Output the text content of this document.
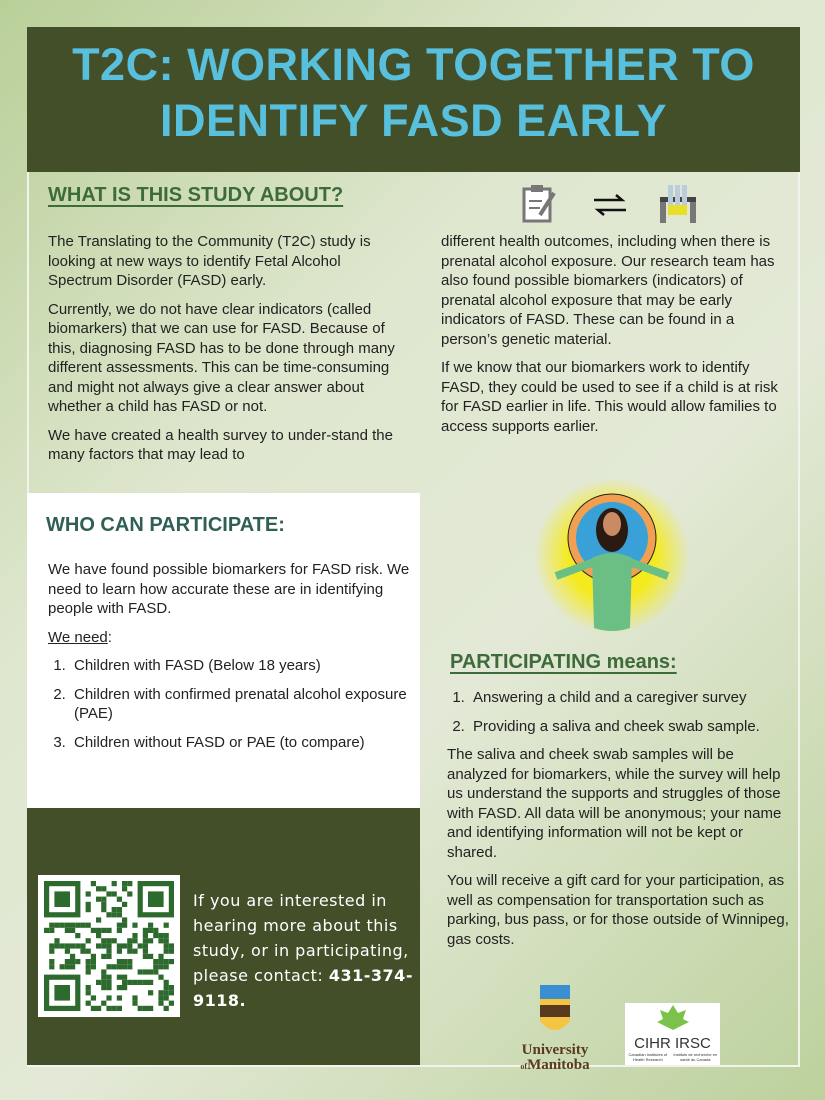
T2C: WORKING TOGETHER TO
IDENTIFY FASD EARLY
WHAT IS THIS STUDY ABOUT?

The Translating to the Community (T2C) study is looking at new ways to identify Fetal Alcohol Spectrum Disorder (FASD) early.

Currently, we do not have clear indicators (called biomarkers) that we can use for FASD. Because of this, diagnosing FASD has to be done through many different assessments. This can be time-consuming and might not always give a clear answer about whether a child has FASD or not.

We have created a health survey to under-stand the many factors that may lead to

different health outcomes, including when there is prenatal alcohol exposure. Our research team has also found possible biomarkers (indicators) of prenatal alcohol exposure that may be early indicators of FASD. These can be found in a person’s genetic material.

If we know that our biomarkers work to identify FASD, they could be used to see if a child is at risk for FASD earlier in life. This would allow families to access supports earlier.

WHO CAN PARTICIPATE:

We have found possible biomarkers for FASD risk. We need to learn how accurate these are in identifying people with FASD.

We need:

1. Children with FASD (Below 18 years)
2. Children with confirmed prenatal alcohol exposure (PAE)
3. Children without FASD or PAE (to compare)
PARTICIPATING means:
1. Answering a child and a caregiver survey
2. Providing a saliva and cheek swab sample.

The saliva and cheek swab samples will be analyzed for biomarkers, while the survey will help us understand the supports and struggles of those with FASD. All data will be anonymous; your name and identifying information will not be kept or shared.

You will receive a gift card for your participation, as well as compensation for transportation such as parking, bus pass, or for those outside of Winnipeg, gas costs.

If you are interested in hearing more about this study, or in participating, please contact: 431-374-9118.
University
ofManitoba
CIHR IRSC
Canadian Institutes of Health Research
Instituts de recherche en santé du Canada
